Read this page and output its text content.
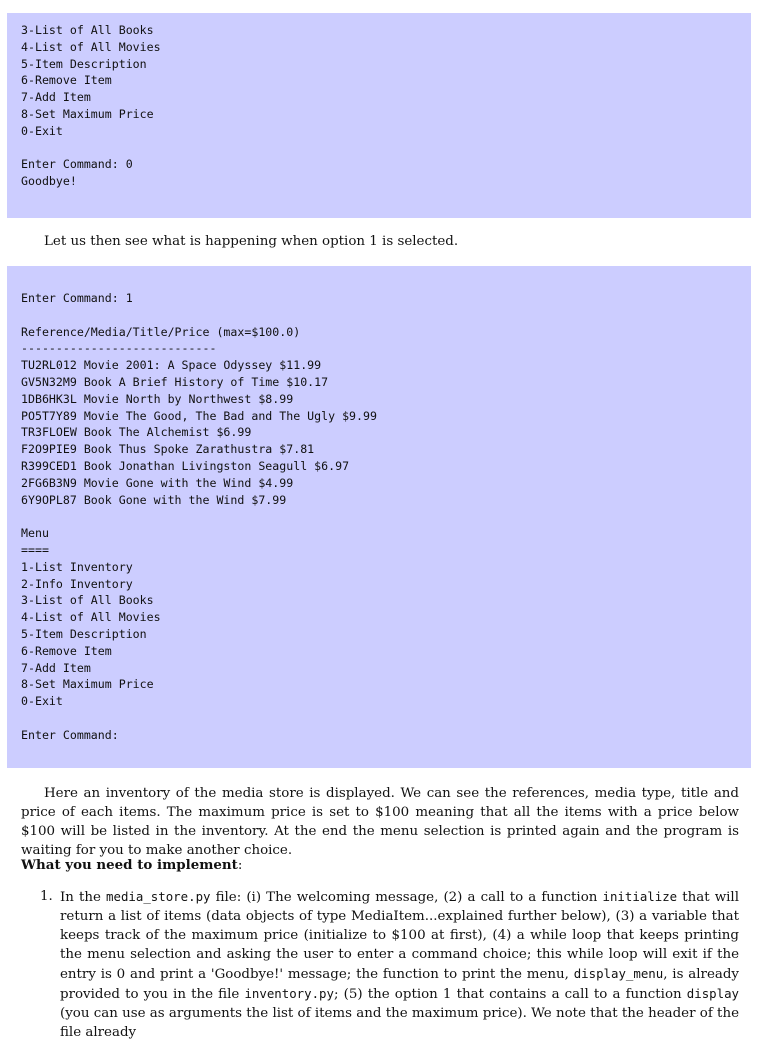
3-List of All Books
4-List of All Movies
5-Item Description
6-Remove Item
7-Add Item
8-Set Maximum Price
0-Exit
Enter Command: 0
Goodbye!
Let us then see what is happening when option 1 is selected.
Enter Command: 1
Reference/Media/Title/Price (max=$100.0)
----------------------------
TU2RL012 Movie 2001: A Space Odyssey $11.99
GV5N32M9 Book A Brief History of Time $10.17
1DB6HK3L Movie North by Northwest $8.99
PO5T7Y89 Movie The Good, The Bad and The Ugly $9.99
TR3FLOEW Book The Alchemist $6.99
F2O9PIE9 Book Thus Spoke Zarathustra $7.81
R399CED1 Book Jonathan Livingston Seagull $6.97
2FG6B3N9 Movie Gone with the Wind $4.99
6Y9OPL87 Book Gone with the Wind $7.99
Menu
====
1-List Inventory
2-Info Inventory
3-List of All Books
4-List of All Movies
5-Item Description
6-Remove Item
7-Add Item
8-Set Maximum Price
0-Exit
Enter Command:
Here an inventory of the media store is displayed. We can see the references, media type, title and price of each items. The maximum price is set to $100 meaning that all the items with a price below $100 will be listed in the inventory. At the end the menu selection is printed again and the program is waiting for you to make another choice.
What you need to implement:
1. In the media_store.py file: (i) The welcoming message, (2) a call to a function initialize that will return a list of items (data objects of type MediaItem...explained further below), (3) a variable that keeps track of the maximum price (initialize to $100 at first), (4) a while loop that keeps printing the menu selection and asking the user to enter a command choice; this while loop will exit if the entry is 0 and print a 'Goodbye!' message; the function to print the menu, display_menu, is already provided to you in the file inventory.py; (5) the option 1 that contains a call to a function display (you can use as arguments the list of items and the maximum price). We note that the header of the file already
